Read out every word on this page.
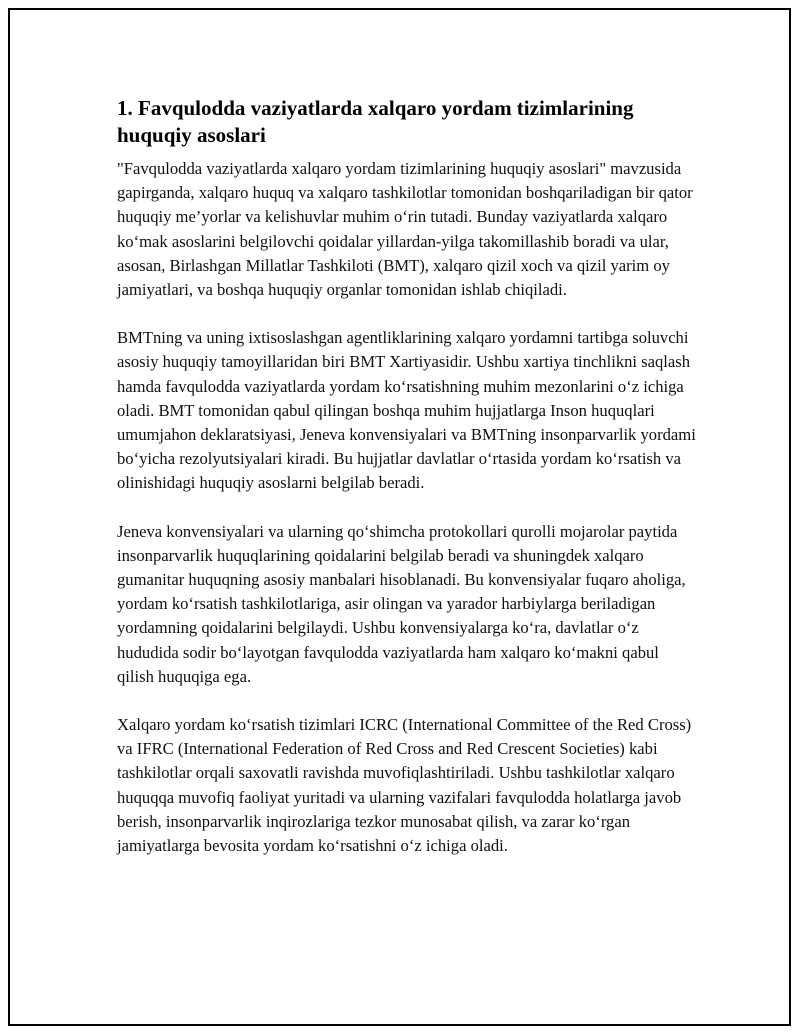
1. Favqulodda vaziyatlarda xalqaro yordam tizimlarining huquqiy asoslari

"Favqulodda vaziyatlarda xalqaro yordam tizimlarining huquqiy asoslari" mavzusida gapirganda, xalqaro huquq va xalqaro tashkilotlar tomonidan boshqariladigan bir qator huquqiy me’yorlar va kelishuvlar muhim o‘rin tutadi. Bunday vaziyatlarda xalqaro ko‘mak asoslarini belgilovchi qoidalar yillardan-yilga takomillashib boradi va ular, asosan, Birlashgan Millatlar Tashkiloti (BMT), xalqaro qizil xoch va qizil yarim oy jamiyatlari, va boshqa huquqiy organlar tomonidan ishlab chiqiladi.

BMTning va uning ixtisoslashgan agentliklarining xalqaro yordamni tartibga soluvchi asosiy huquqiy tamoyillaridan biri BMT Xartiyasidir. Ushbu xartiya tinchlikni saqlash hamda favqulodda vaziyatlarda yordam ko‘rsatishning muhim mezonlarini o‘z ichiga oladi. BMT tomonidan qabul qilingan boshqa muhim hujjatlarga Inson huquqlari umumjahon deklaratsiyasi, Jeneva konvensiyalari va BMTning insonparvarlik yordami bo‘yicha rezolyutsiyalari kiradi. Bu hujjatlar davlatlar o‘rtasida yordam ko‘rsatish va olinishidagi huquqiy asoslarni belgilab beradi.

Jeneva konvensiyalari va ularning qo‘shimcha protokollari qurolli mojarolar paytida insonparvarlik huquqlarining qoidalarini belgilab beradi va shuningdek xalqaro gumanitar huquqning asosiy manbalari hisoblanadi. Bu konvensiyalar fuqaro aholiga, yordam ko‘rsatish tashkilotlariga, asir olingan va yarador harbiylarga beriladigan yordamning qoidalarini belgilaydi. Ushbu konvensiyalarga ko‘ra, davlatlar o‘z hududida sodir bo‘layotgan favqulodda vaziyatlarda ham xalqaro ko‘makni qabul qilish huquqiga ega.

Xalqaro yordam ko‘rsatish tizimlari ICRC (International Committee of the Red Cross) va IFRC (International Federation of Red Cross and Red Crescent Societies) kabi tashkilotlar orqali saxovatli ravishda muvofiqlashtiriladi. Ushbu tashkilotlar xalqaro huquqqa muvofiq faoliyat yuritadi va ularning vazifalari favqulodda holatlarga javob berish, insonparvarlik inqirozlariga tezkor munosabat qilish, va zarar ko‘rgan jamiyatlarga bevosita yordam ko‘rsatishni o‘z ichiga oladi.
